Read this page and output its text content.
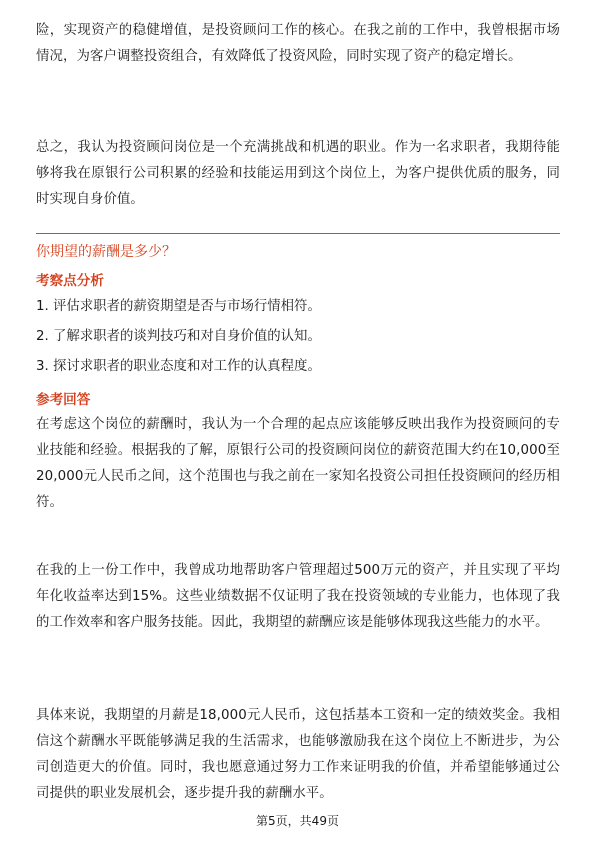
险，实现资产的稳健增值，是投资顾问工作的核心。在我之前的工作中，我曾根据市场情况，为客户调整投资组合，有效降低了投资风险，同时实现了资产的稳定增长。

总之，我认为投资顾问岗位是一个充满挑战和机遇的职业。作为一名求职者，我期待能够将我在原银行公司积累的经验和技能运用到这个岗位上，为客户提供优质的服务，同时实现自身价值。

你期望的薪酬是多少？

考察点分析

1. 评估求职者的薪资期望是否与市场行情相符。

2. 了解求职者的谈判技巧和对自身价值的认知。

3. 探讨求职者的职业态度和对工作的认真程度。

参考回答

在考虑这个岗位的薪酬时，我认为一个合理的起点应该能够反映出我作为投资顾问的专业技能和经验。根据我的了解，原银行公司的投资顾问岗位的薪资范围大约在10,000至20,000元人民币之间，这个范围也与我之前在一家知名投资公司担任投资顾问的经历相符。

在我的上一份工作中，我曾成功地帮助客户管理超过500万元的资产，并且实现了平均年化收益率达到15%。这些业绩数据不仅证明了我在投资领域的专业能力，也体现了我的工作效率和客户服务技能。因此，我期望的薪酬应该是能够体现我这些能力的水平。

具体来说，我期望的月薪是18,000元人民币，这包括基本工资和一定的绩效奖金。我相信这个薪酬水平既能够满足我的生活需求，也能够激励我在这个岗位上不断进步，为公司创造更大的价值。同时，我也愿意通过努力工作来证明我的价值，并希望能够通过公司提供的职业发展机会，逐步提升我的薪酬水平。

第5页，共49页
